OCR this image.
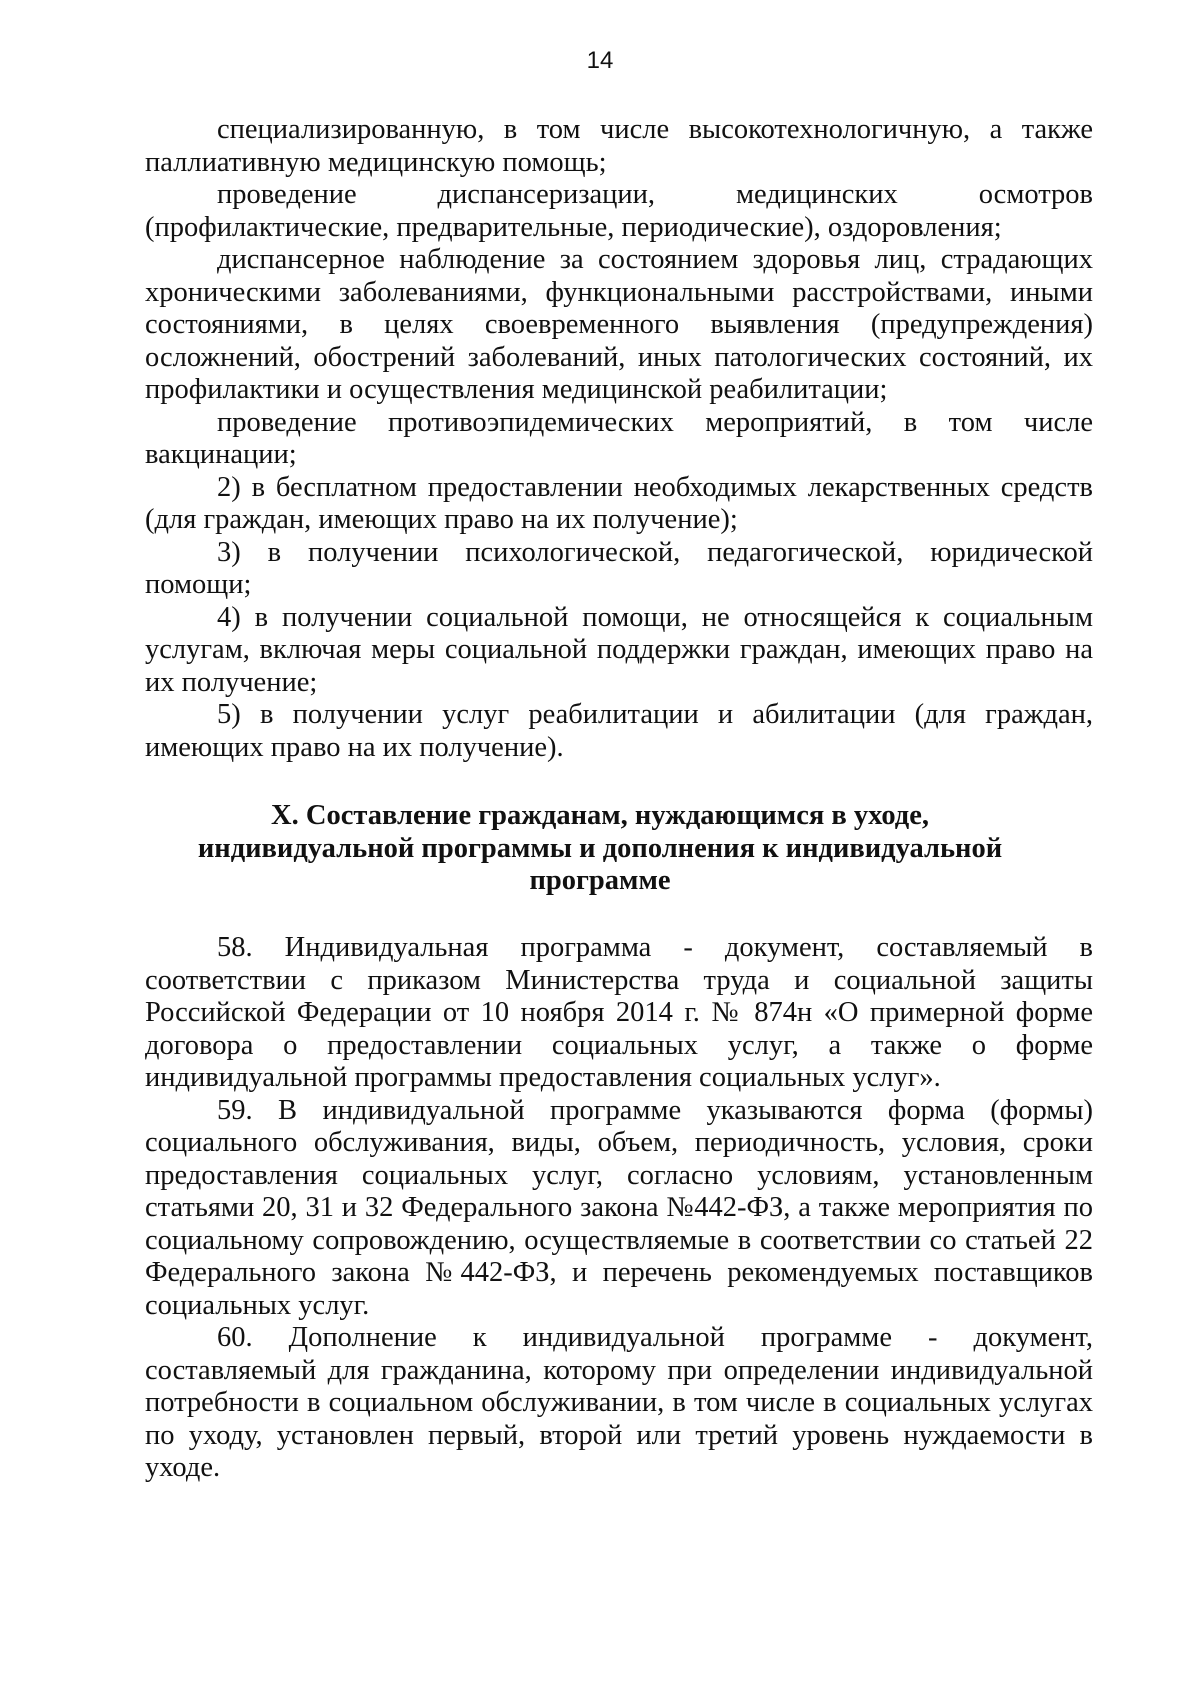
14

специализированную, в том числе высокотехнологичную, а также паллиативную медицинскую помощь;

проведение диспансеризации, медицинских осмотров (профилактические, предварительные, периодические), оздоровления;

диспансерное наблюдение за состоянием здоровья лиц, страдающих хроническими заболеваниями, функциональными расстройствами, иными состояниями, в целях своевременного выявления (предупреждения) осложнений, обострений заболеваний, иных патологических состояний, их профилактики и осуществления медицинской реабилитации;

проведение противоэпидемических мероприятий, в том числе вакцинации;

2) в бесплатном предоставлении необходимых лекарственных средств (для граждан, имеющих право на их получение);

3) в получении психологической, педагогической, юридической помощи;

4) в получении социальной помощи, не относящейся к социальным услугам, включая меры социальной поддержки граждан, имеющих право на их получение;

5) в получении услуг реабилитации и абилитации (для граждан, имеющих право на их получение).

X. Составление гражданам, нуждающимся в уходе,
индивидуальной программы и дополнения к индивидуальной
программе

58. Индивидуальная программа - документ, составляемый в соответствии с приказом Министерства труда и социальной защиты Российской Федерации от 10 ноября 2014 г. № 874н «О примерной форме договора о предоставлении социальных услуг, а также о форме индивидуальной программы предоставления социальных услуг».

59. В индивидуальной программе указываются форма (формы) социального обслуживания, виды, объем, периодичность, условия, сроки предоставления социальных услуг, согласно условиям, установленным статьями 20, 31 и 32 Федерального закона №442-ФЗ, а также мероприятия по социальному сопровождению, осуществляемые в соответствии со статьей 22 Федерального закона №442-ФЗ, и перечень рекомендуемых поставщиков социальных услуг.

60. Дополнение к индивидуальной программе - документ, составляемый для гражданина, которому при определении индивидуальной потребности в социальном обслуживании, в том числе в социальных услугах по уходу, установлен первый, второй или третий уровень нуждаемости в уходе.
